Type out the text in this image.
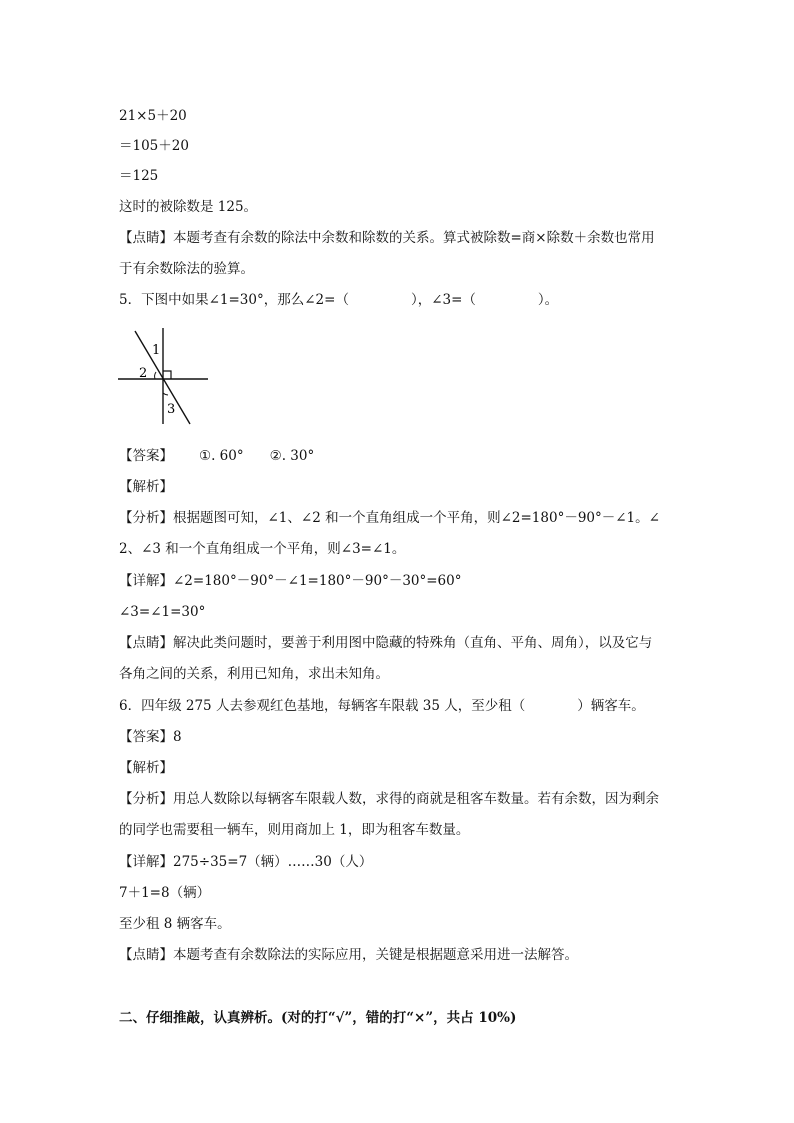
21×5＋20
＝105＋20
＝125
这时的被除数是 125。
【点睛】本题考查有余数的除法中余数和除数的关系。算式被除数=商×除数＋余数也常用
于有余数除法的验算。
5．下图中如果∠1=30°，那么∠2=（	），∠3=（	）。
1
2
3
【答案】 ①. 60° ②. 30°
【解析】
【分析】根据题图可知，∠1、∠2 和一个直角组成一个平角，则∠2=180°－90°－∠1。∠
2、∠3 和一个直角组成一个平角，则∠3=∠1。
【详解】∠2=180°－90°－∠1=180°－90°－30°=60°
∠3=∠1=30°
【点睛】解决此类问题时，要善于利用图中隐藏的特殊角（直角、平角、周角），以及它与
各角之间的关系，利用已知角，求出未知角。
6．四年级 275 人去参观红色基地，每辆客车限载 35 人，至少租（	）辆客车。
【答案】8
【解析】
【分析】用总人数除以每辆客车限载人数，求得的商就是租客车数量。若有余数，因为剩余
的同学也需要租一辆车，则用商加上 1，即为租客车数量。
【详解】275÷35=7（辆）……30（人）
7＋1=8（辆）
至少租 8 辆客车。
【点睛】本题考查有余数除法的实际应用，关键是根据题意采用进一法解答。
二、仔细推敲，认真辨析。(对的打“√”，错的打“×”，共占 10%)
